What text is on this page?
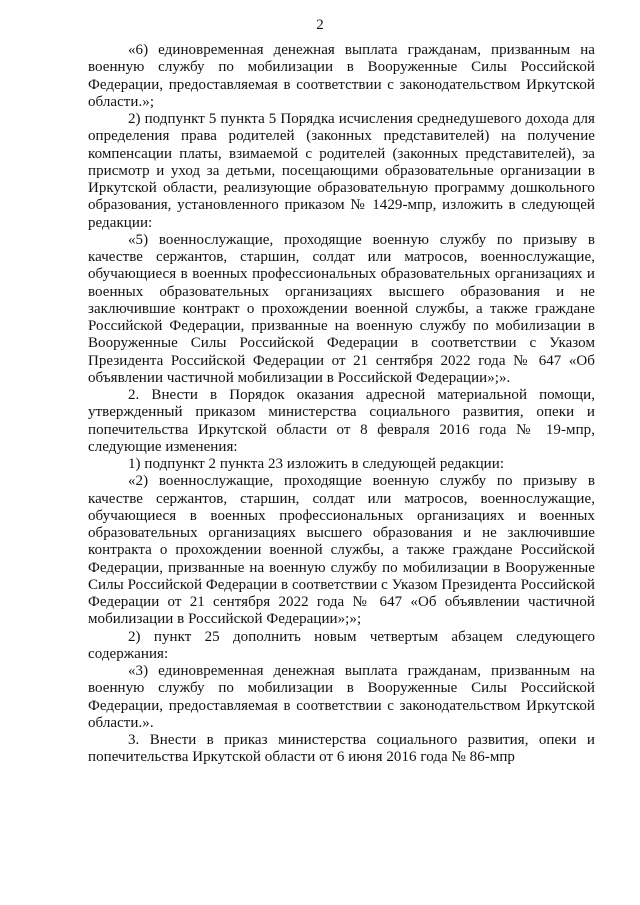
2

«6) единовременная денежная выплата гражданам, призванным на военную службу по мобилизации в Вооруженные Силы Российской Федерации, предоставляемая в соответствии с законодательством Иркутской области.»;

2) подпункт 5 пункта 5 Порядка исчисления среднедушевого дохода для определения права родителей (законных представителей) на получение компенсации платы, взимаемой с родителей (законных представителей), за присмотр и уход за детьми, посещающими образовательные организации в Иркутской области, реализующие образовательную программу дошкольного образования, установленного приказом № 1429-мпр, изложить в следующей редакции:

«5) военнослужащие, проходящие военную службу по призыву в качестве сержантов, старшин, солдат или матросов, военнослужащие, обучающиеся в военных профессиональных образовательных организациях и военных образовательных организациях высшего образования и не заключившие контракт о прохождении военной службы, а также граждане Российской Федерации, призванные на военную службу по мобилизации в Вооруженные Силы Российской Федерации в соответствии с Указом Президента Российской Федерации от 21 сентября 2022 года № 647 «Об объявлении частичной мобилизации в Российской Федерации»;».

2. Внести в Порядок оказания адресной материальной помощи, утвержденный приказом министерства социального развития, опеки и попечительства Иркутской области от 8 февраля 2016 года № 19-мпр, следующие изменения:

1) подпункт 2 пункта 23 изложить в следующей редакции:

«2) военнослужащие, проходящие военную службу по призыву в качестве сержантов, старшин, солдат или матросов, военнослужащие, обучающиеся в военных профессиональных организациях и военных образовательных организациях высшего образования и не заключившие контракта о прохождении военной службы, а также граждане Российской Федерации, призванные на военную службу по мобилизации в Вооруженные Силы Российской Федерации в соответствии с Указом Президента Российской Федерации от 21 сентября 2022 года № 647 «Об объявлении частичной мобилизации в Российской Федерации»;»;

2) пункт 25 дополнить новым четвертым абзацем следующего содержания:

«3) единовременная денежная выплата гражданам, призванным на военную службу по мобилизации в Вооруженные Силы Российской Федерации, предоставляемая в соответствии с законодательством Иркутской области.».

3. Внести в приказ министерства социального развития, опеки и попечительства Иркутской области от 6 июня 2016 года № 86-мпр
